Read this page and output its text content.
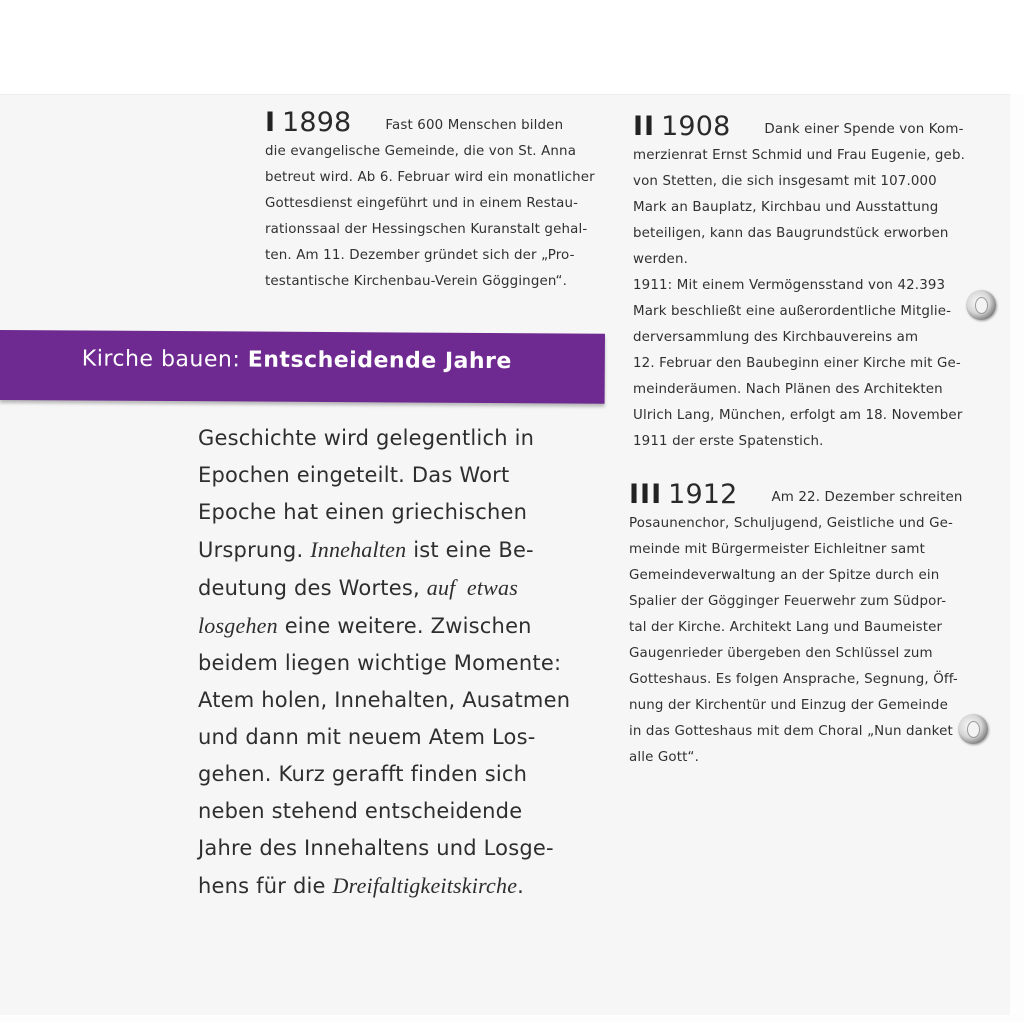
I 1898	Fast 600 Menschen bilden
die evangelische Gemeinde, die von St. Anna
betreut wird. Ab 6. Februar wird ein monatlicher
Gottesdienst eingeführt und in einem Restau-
rationssaal der Hessingschen Kuranstalt gehal-
ten. Am 11. Dezember gründet sich der „Pro-
testantische Kirchenbau-Verein Göggingen“.
II 1908	Dank einer Spende von Kom-
merzienrat Ernst Schmid und Frau Eugenie, geb.
von Stetten, die sich insgesamt mit 107.000
Mark an Bauplatz, Kirchbau und Ausstattung
beteiligen, kann das Baugrundstück erworben
werden.
1911: Mit einem Vermögensstand von 42.393
Mark beschließt eine außerordentliche Mitglie-
derversammlung des Kirchbauvereins am
12. Februar den Baubeginn einer Kirche mit Ge-
meinderäumen. Nach Plänen des Architekten
Ulrich Lang, München, erfolgt am 18. November
1911 der erste Spatenstich.
III 1912	Am 22. Dezember schreiten
Posaunenchor, Schuljugend, Geistliche und Ge-
meinde mit Bürgermeister Eichleitner samt
Gemeindeverwaltung an der Spitze durch ein
Spalier der Gögginger Feuerwehr zum Südpor-
tal der Kirche. Architekt Lang und Baumeister
Gaugenrieder übergeben den Schlüssel zum
Gotteshaus. Es folgen Ansprache, Segnung, Öff-
nung der Kirchentür und Einzug der Gemeinde
in das Gotteshaus mit dem Choral „Nun danket
alle Gott“.
Kirche bauen: Entscheidende Jahre
Geschichte wird gelegentlich in
Epochen eingeteilt. Das Wort
Epoche hat einen griechischen
Ursprung. Innehalten ist eine Be-
deutung des Wortes, auf  etwas
losgehen eine weitere. Zwischen
beidem liegen wichtige Momente:
Atem holen, Innehalten, Ausatmen
und dann mit neuem Atem Los-
gehen. Kurz gerafft finden sich
neben stehend entscheidende
Jahre des Innehaltens und Losge-
hens für die Dreifaltigkeitskirche.
